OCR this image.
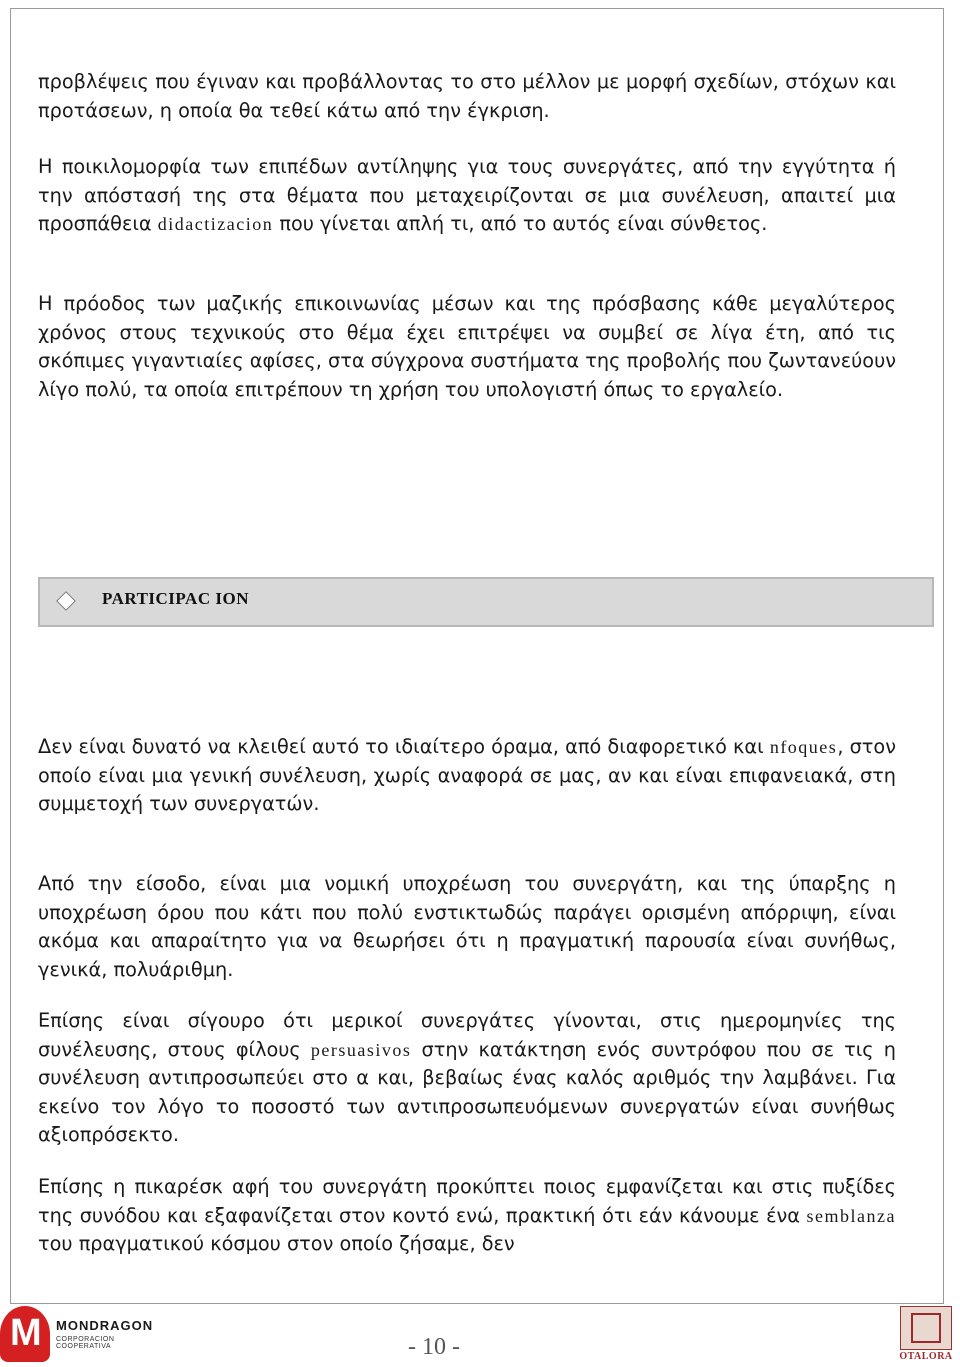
προβλέψεις που έγιναν και προβάλλοντας το στο μέλλον με μορφή σχεδίων, στόχων και προτάσεων, η οποία θα τεθεί κάτω από την έγκριση.

Η ποικιλομορφία των επιπέδων αντίληψης για τους συνεργάτες, από την εγγύτητα ή την απόστασή της στα θέματα που μεταχειρίζονται σε μια συνέλευση, απαιτεί μια προσπάθεια didactizacion που γίνεται απλή τι, από το αυτός είναι σύνθετος.

Η πρόοδος των μαζικής επικοινωνίας μέσων και της πρόσβασης κάθε μεγαλύτερος χρόνος στους τεχνικούς στο θέμα έχει επιτρέψει να συμβεί σε λίγα έτη, από τις σκόπιμες γιγαντιαίες αφίσες, στα σύγχρονα συστήματα της προβολής που ζωντανεύουν λίγο πολύ, τα οποία επιτρέπουν τη χρήση του υπολογιστή όπως το εργαλείο.

PARTICIPAC ION

Δεν είναι δυνατό να κλειθεί αυτό το ιδιαίτερο όραμα, από διαφορετικό και nfoques, στον οποίο είναι μια γενική συνέλευση, χωρίς αναφορά σε μας, αν και είναι επιφανειακά, στη συμμετοχή των συνεργατών.

Από την είσοδο, είναι μια νομική υποχρέωση του συνεργάτη, και της ύπαρξης η υποχρέωση όρου που κάτι που πολύ ενστικτωδώς παράγει ορισμένη απόρριψη, είναι ακόμα και απαραίτητο για να θεωρήσει ότι η πραγματική παρουσία είναι συνήθως, γενικά, πολυάριθμη.

Επίσης είναι σίγουρο ότι μερικοί συνεργάτες γίνονται, στις ημερομηνίες της συνέλευσης, στους φίλους persuasivos στην κατάκτηση ενός συντρόφου που σε τις η συνέλευση αντιπροσωπεύει στο α και, βεβαίως ένας καλός αριθμός την λαμβάνει. Για εκείνο τον λόγο το ποσοστό των αντιπροσωπευόμενων συνεργατών είναι συνήθως αξιοπρόσεκτο.

Επίσης η πικαρέσκ αφή του συνεργάτη προκύπτει ποιος εμφανίζεται και στις πυξίδες της συνόδου και εξαφανίζεται στον κοντό ενώ, πρακτική ότι εάν κάνουμε ένα semblanza του πραγματικού κόσμου στον οποίο ζήσαμε, δεν

M MONDRAGON
CORPORACION COOPERATIVA	- 10 -	OTALORA
